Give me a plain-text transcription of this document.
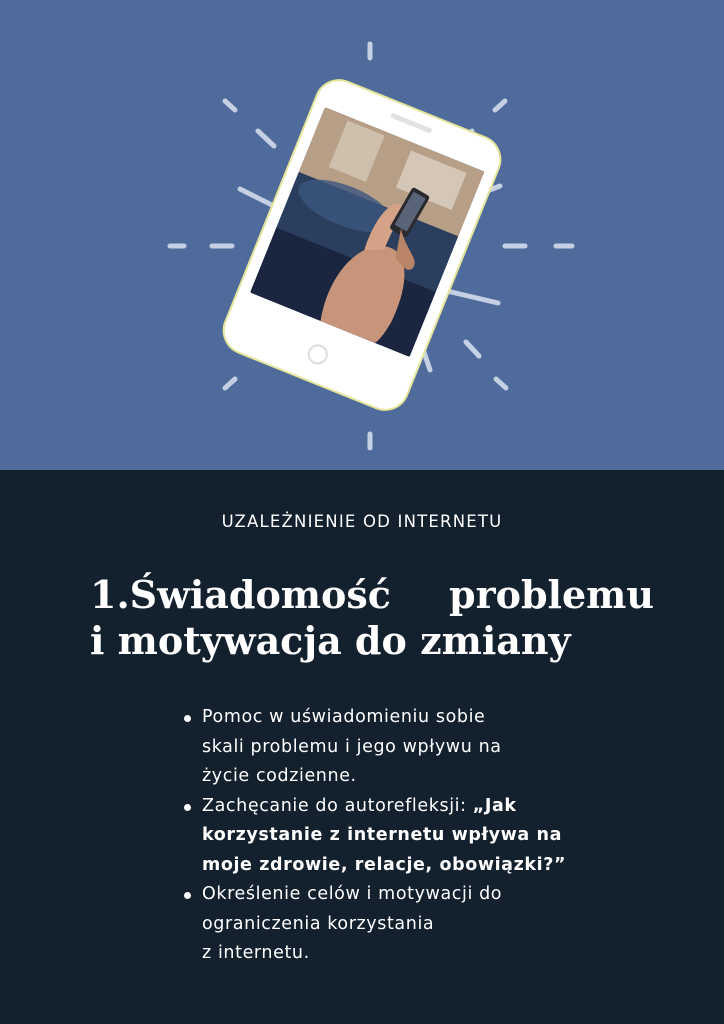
UZALEŻNIENIE OD INTERNETU
1.Świadomość problemu
i motywacja do zmiany
Pomoc w uświadomieniu sobie
skali problemu i jego wpływu na
życie codzienne.
Zachęcanie do autorefleksji: „Jak
korzystanie z internetu wpływa na
moje zdrowie, relacje, obowiązki?”
Określenie celów i motywacji do
ograniczenia korzystania
z internetu.
